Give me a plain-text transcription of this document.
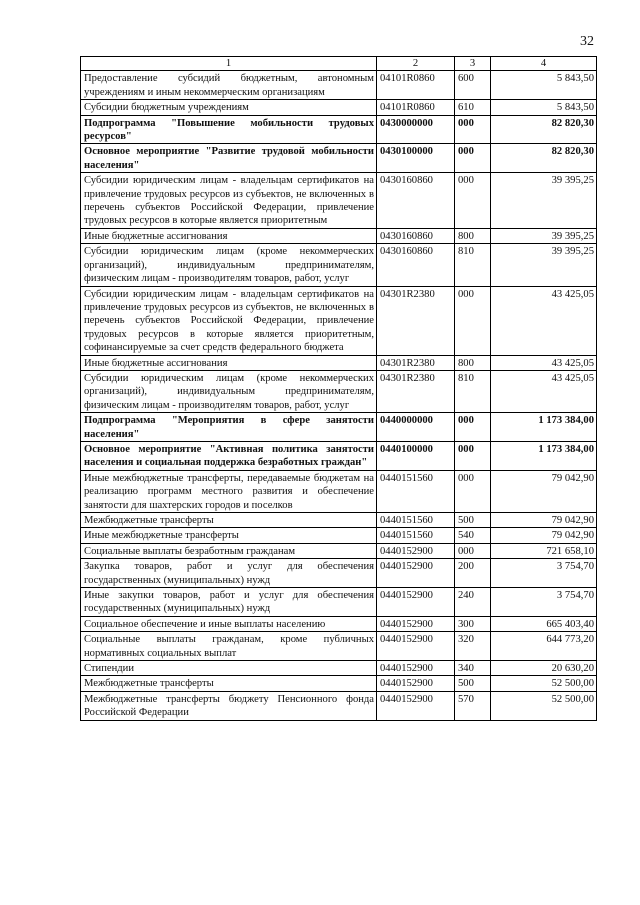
32
1	2	3	4
Предоставление субсидий бюджетным, автономным учреждениям и иным некоммерческим организациям	04101R0860	600	5 843,50
Субсидии бюджетным учреждениям	04101R0860	610	5 843,50
Подпрограмма "Повышение мобильности трудовых ресурсов"	0430000000	000	82 820,30
Основное мероприятие "Развитие трудовой мобильности населения"	0430100000	000	82 820,30
Субсидии юридическим лицам - владельцам сертификатов на привлечение трудовых ресурсов из субъектов, не включенных в перечень субъектов Российской Федерации, привлечение трудовых ресурсов в которые является приоритетным	0430160860	000	39 395,25
Иные бюджетные ассигнования	0430160860	800	39 395,25
Субсидии юридическим лицам (кроме некоммерческих организаций), индивидуальным предпринимателям, физическим лицам - производителям товаров, работ, услуг	0430160860	810	39 395,25
Субсидии юридическим лицам - владельцам сертификатов на привлечение трудовых ресурсов из субъектов, не включенных в перечень субъектов Российской Федерации, привлечение трудовых ресурсов в которые является приоритетным, софинансируемые за счет средств федерального бюджета	04301R2380	000	43 425,05
Иные бюджетные ассигнования	04301R2380	800	43 425,05
Субсидии юридическим лицам (кроме некоммерческих организаций), индивидуальным предпринимателям, физическим лицам - производителям товаров, работ, услуг	04301R2380	810	43 425,05
Подпрограмма "Мероприятия в сфере занятости населения"	0440000000	000	1 173 384,00
Основное мероприятие "Активная политика занятости населения и социальная поддержка безработных граждан"	0440100000	000	1 173 384,00
Иные межбюджетные трансферты, передаваемые бюджетам на реализацию программ местного развития и обеспечение занятости для шахтерских городов и поселков	0440151560	000	79 042,90
Межбюджетные трансферты	0440151560	500	79 042,90
Иные межбюджетные трансферты	0440151560	540	79 042,90
Социальные выплаты безработным гражданам	0440152900	000	721 658,10
Закупка товаров, работ и услуг для обеспечения государственных (муниципальных) нужд	0440152900	200	3 754,70
Иные закупки товаров, работ и услуг для обеспечения государственных (муниципальных) нужд	0440152900	240	3 754,70
Социальное обеспечение и иные выплаты населению	0440152900	300	665 403,40
Социальные выплаты гражданам, кроме публичных нормативных социальных выплат	0440152900	320	644 773,20
Стипендии	0440152900	340	20 630,20
Межбюджетные трансферты	0440152900	500	52 500,00
Межбюджетные трансферты бюджету Пенсионного фонда Российской Федерации	0440152900	570	52 500,00
